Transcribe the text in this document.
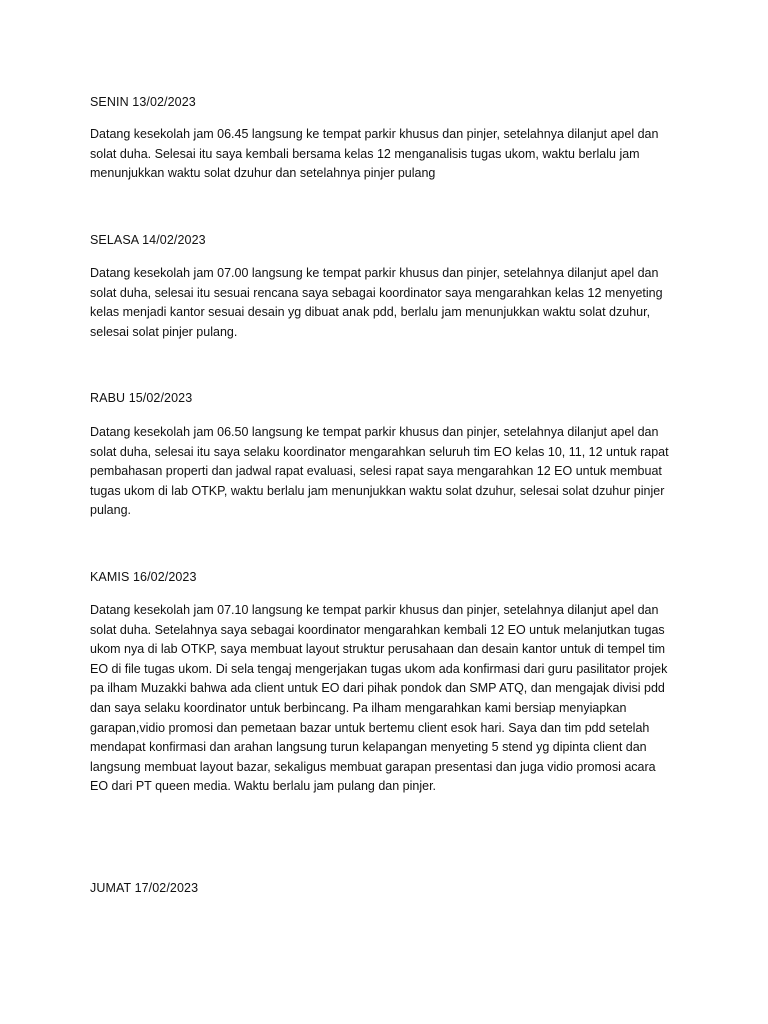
SENIN 13/02/2023
Datang kesekolah jam 06.45 langsung ke tempat parkir khusus dan pinjer, setelahnya dilanjut apel dan
solat duha. Selesai itu saya kembali bersama kelas 12 menganalisis tugas ukom, waktu berlalu jam
menunjukkan waktu solat dzuhur dan setelahnya pinjer pulang
SELASA 14/02/2023
Datang kesekolah jam 07.00 langsung ke tempat parkir khusus dan pinjer, setelahnya dilanjut apel dan
solat duha, selesai itu sesuai rencana saya sebagai koordinator saya mengarahkan kelas 12 menyeting
kelas menjadi kantor sesuai desain yg dibuat anak pdd, berlalu jam menunjukkan waktu solat dzuhur,
selesai solat pinjer pulang.
RABU 15/02/2023
Datang kesekolah jam 06.50 langsung ke tempat parkir khusus dan pinjer, setelahnya dilanjut apel dan
solat duha, selesai itu saya selaku koordinator mengarahkan seluruh tim EO kelas 10, 11, 12 untuk rapat
pembahasan properti dan jadwal rapat evaluasi, selesi rapat saya mengarahkan 12 EO untuk membuat
tugas ukom di lab OTKP, waktu berlalu jam menunjukkan waktu solat dzuhur, selesai solat dzuhur pinjer
pulang.
KAMIS 16/02/2023
Datang kesekolah jam 07.10 langsung ke tempat parkir khusus dan pinjer, setelahnya dilanjut apel dan
solat duha. Setelahnya saya sebagai koordinator mengarahkan kembali 12 EO untuk melanjutkan tugas
ukom nya di lab OTKP, saya membuat layout struktur perusahaan dan desain kantor untuk di tempel tim
EO di file tugas ukom. Di sela tengaj mengerjakan tugas ukom ada konfirmasi dari guru pasilitator projek
pa ilham Muzakki bahwa ada client untuk EO dari pihak pondok dan SMP ATQ, dan mengajak divisi pdd
dan saya selaku koordinator untuk berbincang. Pa ilham mengarahkan kami bersiap menyiapkan
garapan,vidio promosi dan pemetaan bazar untuk bertemu client esok hari. Saya dan tim pdd setelah
mendapat konfirmasi dan arahan langsung turun kelapangan menyeting 5 stend yg dipinta client dan
langsung membuat layout bazar, sekaligus membuat garapan presentasi dan juga vidio promosi acara
EO dari PT queen media. Waktu berlalu jam pulang dan pinjer.
JUMAT 17/02/2023
